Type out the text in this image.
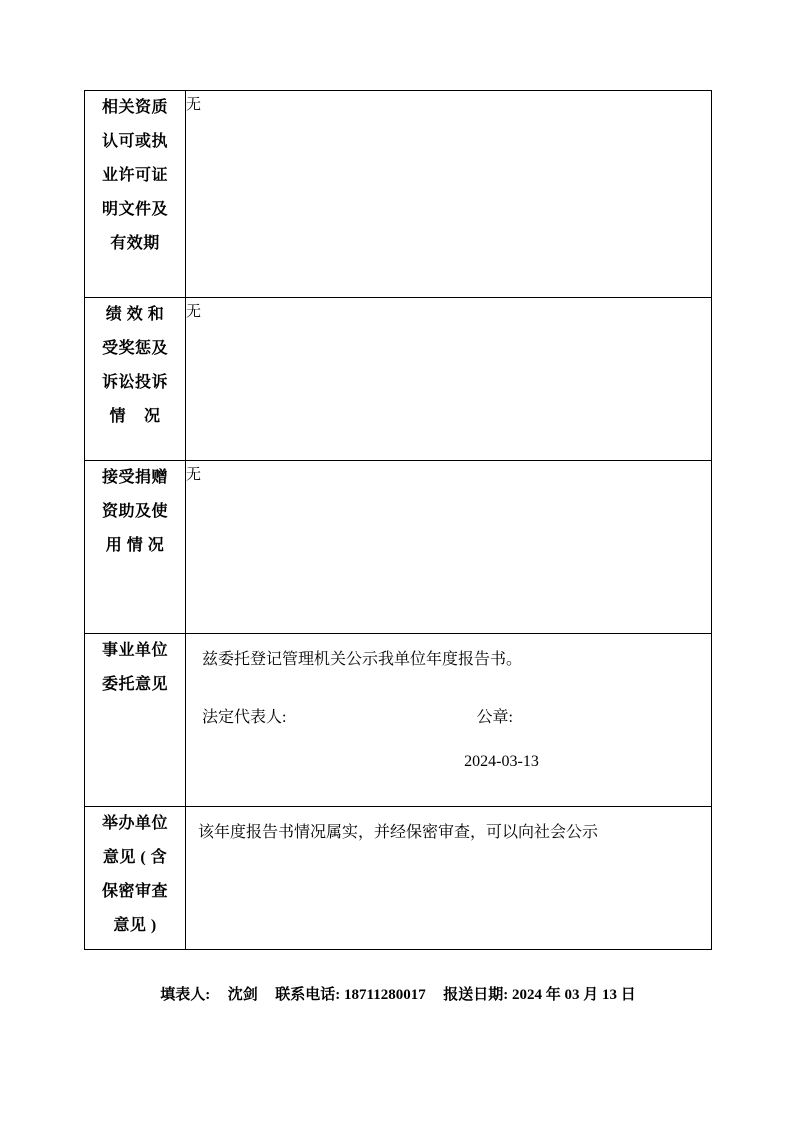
相关资质
认可或执
业许可证
明文件及
有效期	无

绩 效 和
受奖惩及
诉讼投诉
情    况	无

接受捐赠
资助及使
用 情 况	无

事业单位
委托意见	兹委托登记管理机关公示我单位年度报告书。
法定代表人: 公章:
2024-03-13

举办单位
意见 ( 含
保密审查
意见 )	该年度报告书情况属实，并经保密审查，可以向社会公示
填表人: 沈剑 联系电话: 18711280017 报送日期: 2024 年 03 月 13 日
